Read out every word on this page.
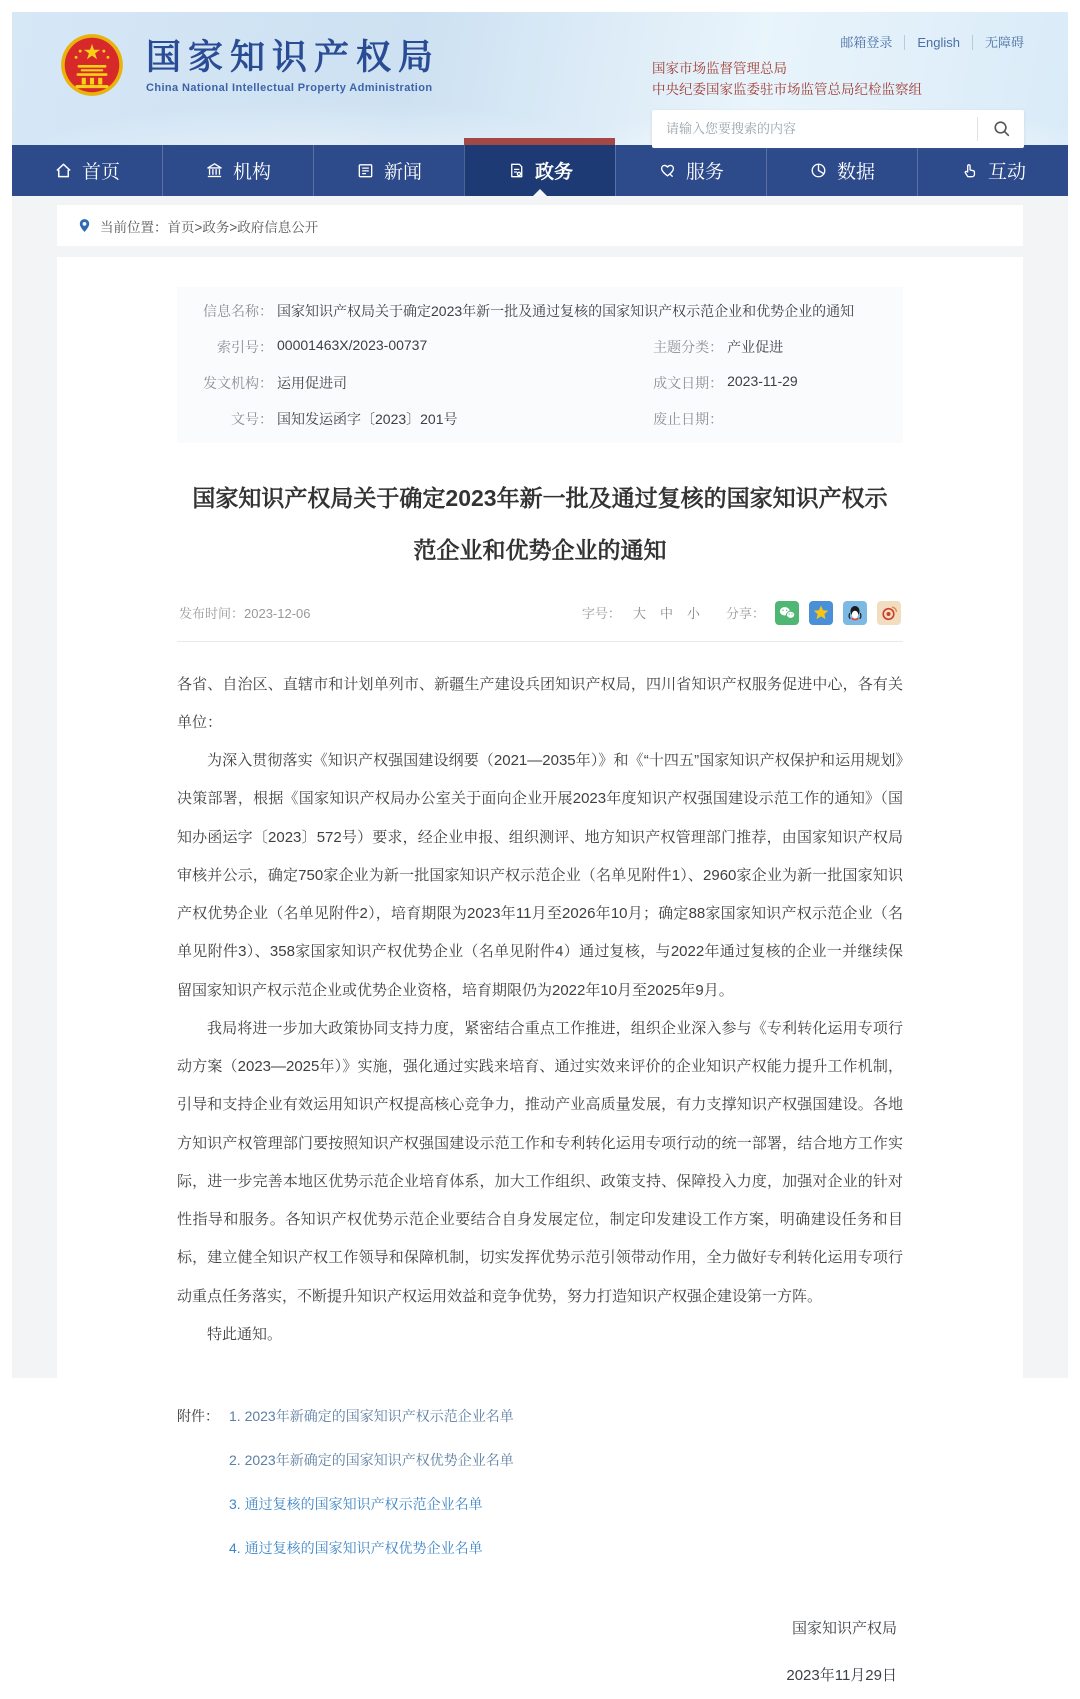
国家知识产权局
China National Intellectual Property Administration
邮箱登录 English 无障碍
国家市场监督管理总局
中央纪委国家监委驻市场监管总局纪检监察组
请输入您要搜索的内容
首页	机构	新闻	政务	服务	数据	互动
当前位置： 首页>政务>政府信息公开
信息名称： 国家知识产权局关于确定2023年新一批及通过复核的国家知识产权示范企业和优势企业的通知
索引号： 00001463X/2023-00737	主题分类： 产业促进
发文机构： 运用促进司	成文日期： 2023-11-29
文号： 国知发运函字〔2023〕201号	废止日期：
国家知识产权局关于确定2023年新一批及通过复核的国家知识产权示范企业和优势企业的通知
发布时间：2023-12-06	字号： 大 中 小 分享：

各省、自治区、直辖市和计划单列市、新疆生产建设兵团知识产权局，四川省知识产权服务促进中心，各有关单位：

为深入贯彻落实《知识产权强国建设纲要（2021—2035年）》和《“十四五”国家知识产权保护和运用规划》决策部署，根据《国家知识产权局办公室关于面向企业开展2023年度知识产权强国建设示范工作的通知》（国知办函运字〔2023〕572号）要求，经企业申报、组织测评、地方知识产权管理部门推荐，由国家知识产权局审核并公示，确定750家企业为新一批国家知识产权示范企业（名单见附件1）、2960家企业为新一批国家知识产权优势企业（名单见附件2），培育期限为2023年11月至2026年10月；确定88家国家知识产权示范企业（名单见附件3）、358家国家知识产权优势企业（名单见附件4）通过复核，与2022年通过复核的企业一并继续保留国家知识产权示范企业或优势企业资格，培育期限仍为2022年10月至2025年9月。

我局将进一步加大政策协同支持力度，紧密结合重点工作推进，组织企业深入参与《专利转化运用专项行动方案（2023—2025年）》实施，强化通过实践来培育、通过实效来评价的企业知识产权能力提升工作机制，引导和支持企业有效运用知识产权提高核心竞争力，推动产业高质量发展，有力支撑知识产权强国建设。各地方知识产权管理部门要按照知识产权强国建设示范工作和专利转化运用专项行动的统一部署，结合地方工作实际，进一步完善本地区优势示范企业培育体系，加大工作组织、政策支持、保障投入力度，加强对企业的针对性指导和服务。各知识产权优势示范企业要结合自身发展定位，制定印发建设工作方案，明确建设任务和目标，建立健全知识产权工作领导和保障机制，切实发挥优势示范引领带动作用，全力做好专利转化运用专项行动重点任务落实，不断提升知识产权运用效益和竞争优势，努力打造知识产权强企建设第一方阵。

特此通知。

附件： 1. 2023年新确定的国家知识产权示范企业名单
2. 2023年新确定的国家知识产权优势企业名单
3. 通过复核的国家知识产权示范企业名单
4. 通过复核的国家知识产权优势企业名单
国家知识产权局
2023年11月29日
